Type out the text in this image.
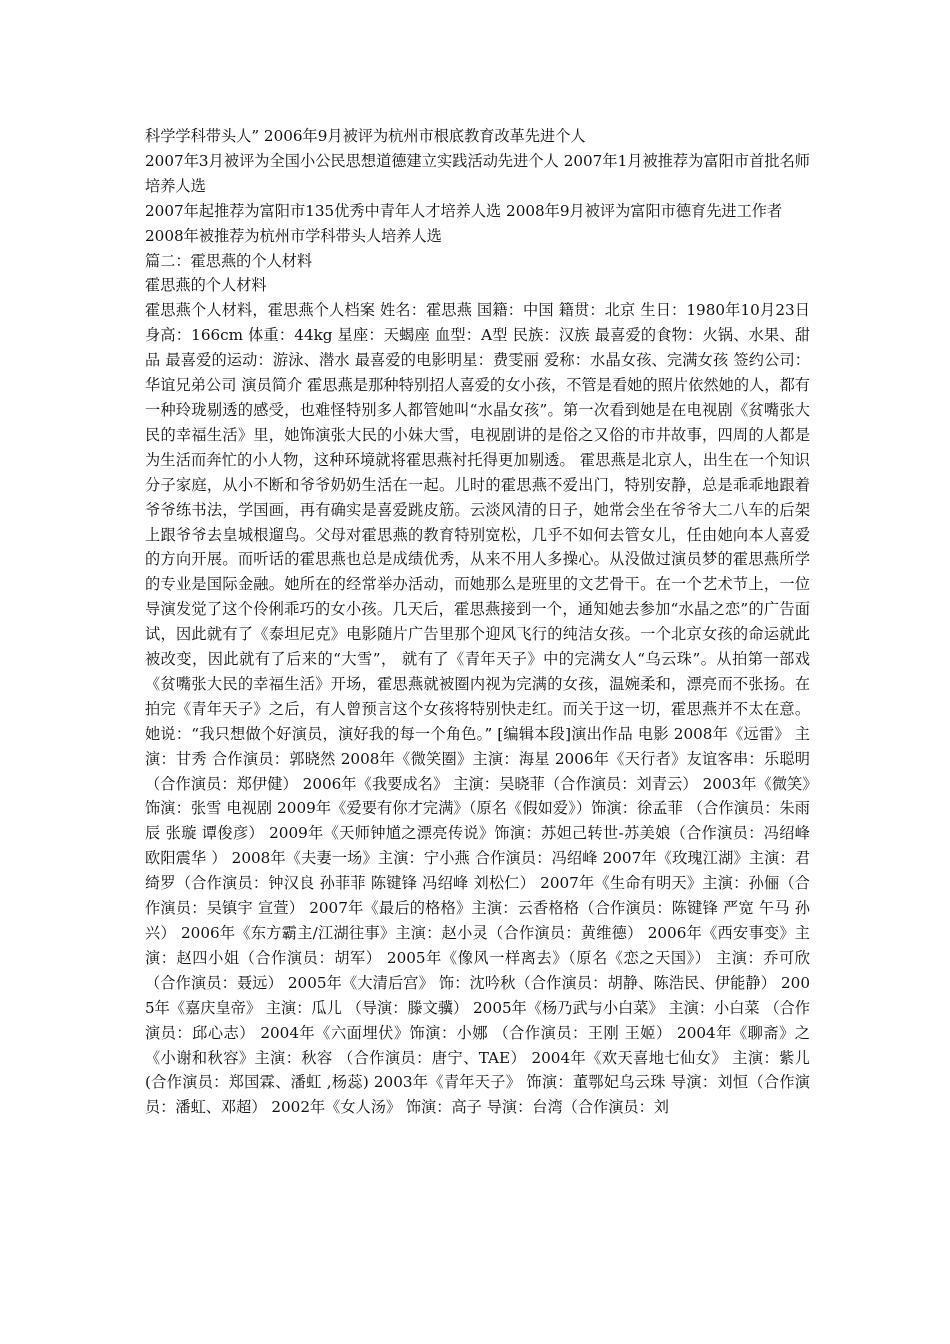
科学学科带头人” 2006年9月被评为杭州市根底教育改革先进个人

2007年3月被评为全国小公民思想道德建立实践活动先进个人 2007年1月被推荐为富阳市首批名师培养人选

2007年起推荐为富阳市135优秀中青年人才培养人选 2008年9月被评为富阳市德育先进工作者

2008年被推荐为杭州市学科带头人培养人选

篇二：霍思燕的个人材料

霍思燕的个人材料

霍思燕个人材料，霍思燕个人档案 姓名：霍思燕 国籍：中国 籍贯：北京 生日：1980年10月23日 身高：166cm 体重：44kg 星座：天蝎座 血型：A型 民族：汉族 最喜爱的食物：火锅、水果、甜品 最喜爱的运动：游泳、潜水 最喜爱的电影明星：费雯丽 爱称：水晶女孩、完满女孩 签约公司：华谊兄弟公司 演员简介 霍思燕是那种特别招人喜爱的女小孩，不管是看她的照片依然她的人，都有一种玲珑剔透的感受，也难怪特别多人都管她叫“水晶女孩”。第一次看到她是在电视剧《贫嘴张大民的幸福生活》里，她饰演张大民的小妹大雪，电视剧讲的是俗之又俗的市井故事，四周的人都是为生活而奔忙的小人物，这种环境就将霍思燕衬托得更加剔透。 霍思燕是北京人，出生在一个知识分子家庭，从小不断和爷爷奶奶生活在一起。儿时的霍思燕不爱出门，特别安静，总是乖乖地跟着爷爷练书法，学国画，再有确实是喜爱跳皮筋。云淡风清的日子，她常会坐在爷爷大二八车的后架上跟爷爷去皇城根遛鸟。父母对霍思燕的教育特别宽松，几乎不如何去管女儿，任由她向本人喜爱的方向开展。而听话的霍思燕也总是成绩优秀，从来不用人多操心。从没做过演员梦的霍思燕所学的专业是国际金融。她所在的经常举办活动，而她那么是班里的文艺骨干。在一个艺术节上，一位导演发觉了这个伶俐乖巧的女小孩。几天后，霍思燕接到一个，通知她去参加“水晶之恋”的广告面试，因此就有了《泰坦尼克》电影随片广告里那个迎风飞行的纯洁女孩。一个北京女孩的命运就此被改变，因此就有了后来的“大雪”， 就有了《青年天子》中的完满女人“乌云珠”。从拍第一部戏《贫嘴张大民的幸福生活》开场，霍思燕就被圈内视为完满的女孩，温婉柔和，漂亮而不张扬。在拍完《青年天子》之后，有人曾预言这个女孩将特别快走红。而关于这一切，霍思燕并不太在意。她说：“我只想做个好演员，演好我的每一个角色。” [编辑本段]演出作品 电影 2008年《远雷》 主演：甘秀 合作演员：郭晓然 2008年《微笑圈》主演：海星 2006年《天行者》友谊客串：乐聪明（合作演员：郑伊健） 2006年《我要成名》 主演：吴晓菲（合作演员：刘青云） 2003年《微笑》饰演：张雪 电视剧 2009年《爱要有你才完满》（原名《假如爱》）饰演：徐孟菲 （合作演员：朱雨辰 张璇 谭俊彦） 2009年《天师钟馗之漂亮传说》饰演：苏妲己转世-苏美娘（合作演员：冯绍峰 欧阳震华 ） 2008年《夫妻一场》主演：宁小燕 合作演员：冯绍峰 2007年《玫瑰江湖》主演：君绮罗（合作演员：钟汉良 孙菲菲 陈键锋 冯绍峰 刘松仁） 2007年《生命有明天》主演：孙俪（合作演员：吴镇宇 宣萱） 2007年《最后的格格》主演：云香格格（合作演员：陈键锋 严宽 午马 孙兴） 2006年《东方霸主/江湖往事》主演：赵小灵（合作演员：黄维德） 2006年《西安事变》主演：赵四小姐（合作演员：胡军） 2005年《像风一样离去》（原名《恋之天国》） 主演：乔可欣 （合作演员：聂远） 2005年《大清后宫》 饰：沈吟秋（合作演员：胡静、陈浩民、伊能静） 2005年《嘉庆皇帝》 主演：瓜儿 （导演：滕文骥） 2005年《杨乃武与小白菜》 主演：小白菜 （合作演员：邱心志） 2004年《六面埋伏》饰演：小娜 （合作演员：王刚 王姬） 2004年《聊斋》之《小谢和秋容》主演：秋容 （合作演员：唐宁、TAE） 2004年《欢天喜地七仙女》 主演：紫儿 (合作演员：郑国霖、潘虹 ,杨蕊) 2003年《青年天子》 饰演：董鄂妃乌云珠 导演：刘恒（合作演员：潘虹、邓超） 2002年《女人汤》 饰演：高子 导演：台湾（合作演员：刘
